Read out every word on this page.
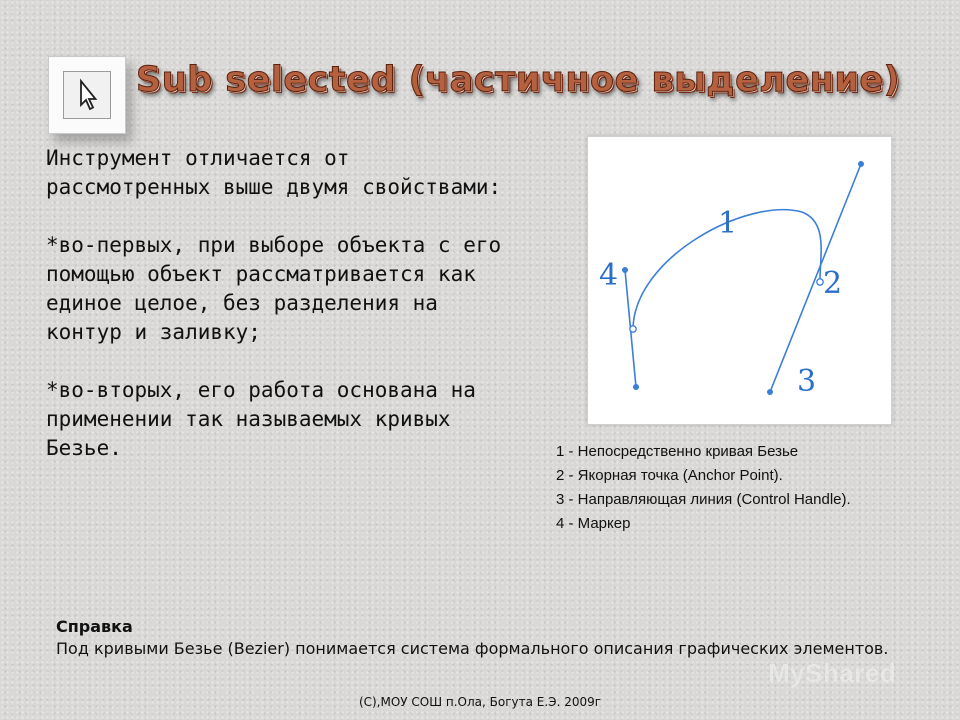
Sub selected (частичное выделение)

Инструмент отличается от рассмотренных выше двумя свойствами:

*во-первых, при выборе объекта с его помощью объект рассматривается как единое целое, без разделения на контур и заливку;

*во-вторых, его работа основана на применении так называемых кривых Безье.

1
2
3
4
1 - Непосредственно кривая Безье
2 - Якорная точка (Anchor Point).
3 - Направляющая линия (Control Handle).
4 - Маркер
Справка
Под кривыми Безье (Bezier) понимается система формального описания графических элементов.
MyShared
(С),МОУ СОШ п.Ола, Богута Е.Э. 2009г
